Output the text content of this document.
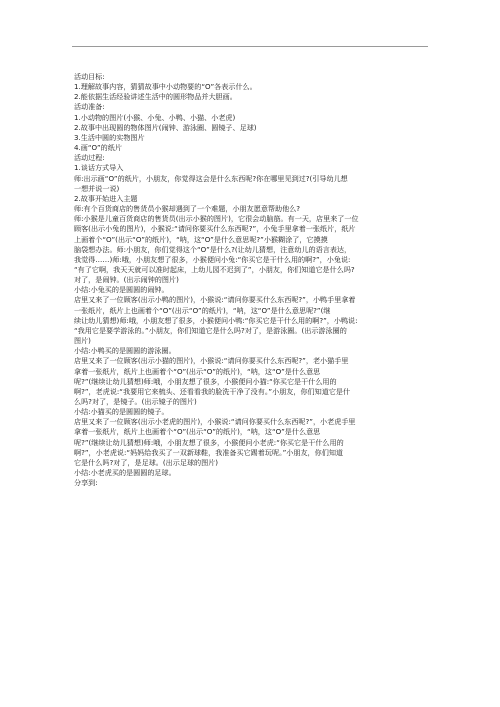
活动目标:
1.理解故事内容，猜猜故事中小动物要的“O”各表示什么。
2.能依据生活经验讲述生活中的圆形物品并大胆画。
活动准备:
1.小动物的图片(小猴、小兔、小鸭、小猫、小老虎)
2.故事中出现圆的物体图片(闹钟、游泳圈、圆镜子、足球)
3.生活中圆的实物图片
4.画“O”的纸片
活动过程:
1.谈话方式导入
师:出示画“O”的纸片，小朋友，你觉得这会是什么东西呢?你在哪里见到过?(引导幼儿想
一想并说一说)
2.故事开始进入主题
师:有个百货商店的售货员小猴却遇到了一个难题，小朋友愿意帮助他么?
师:小猴是儿童百货商店的售货员(出示小猴的图片)，它很会动脑筋。有一天，店里来了一位
顾客(出示小兔的图片)，小猴说:“请问你要买什么东西呢?”，小兔手里拿着一张纸片，纸片
上画着个“O”(出示“O”的纸片)，“呐，这“O”是什么意思呢?”小猴糊涂了，它摸摸
脑袋想办法。师:小朋友，你们觉得这个“O”是什么?(让幼儿猜想，注意幼儿的语言表达，
我觉得……)师:哦，小朋友想了很多，小猴便问小兔:“你买它是干什么用的啊?”，小兔说:
“有了它啊，我天天就可以准时起床，上幼儿园不迟到了”，小朋友，你们知道它是什么吗?
对了，是闹钟。(出示闹钟的图片)
小结:小兔买的是圆圆的闹钟。
店里又来了一位顾客(出示小鸭的图片)，小猴说:“请问你要买什么东西呢?”，小鸭手里拿着
一张纸片，纸片上也画着个“O”(出示“O”的纸片)，“呐，这“O”是什么意思呢?”(继
续让幼儿猜想)师:哦，小朋友想了很多，小猴便问小鸭:“你买它是干什么用的啊?”，小鸭说:
“我用它是要学游泳的。”小朋友，你们知道它是什么吗?对了，是游泳圈。(出示游泳圈的
图片)
小结:小鸭买的是圆圆的游泳圈。
店里又来了一位顾客(出示小猫的图片)，小猴说:“请问你要买什么东西呢?”，老小猫手里
拿着一张纸片，纸片上也画着个“O”(出示“O”的纸片)，“呐，这“O”是什么意思
呢?”(继续让幼儿猜想)师:哦，小朋友想了很多，小猴便问小猫:“你买它是干什么用的
啊?”，老虎说:“我要用它来梳头、还看看我的脸洗干净了没有。”小朋友，你们知道它是什
么吗?对了，是镜子。(出示镜子的图片)
小结:小猫买的是圆圆的镜子。
店里又来了一位顾客(出示小老虎的图片)，小猴说:“请问你要买什么东西呢?”，小老虎手里
拿着一张纸片，纸片上也画着个“O”(出示“O”的纸片)，“呐，这“O”是什么意思
呢?”(继续让幼儿猜想)师:哦，小朋友想了很多，小猴便问小老虎:“你买它是干什么用的
啊?”，小老虎说:“妈妈给我买了一双新球鞋，我准备买它踢着玩呢。”小朋友，你们知道
它是什么吗?对了，是足球。(出示足球的图片)
小结:小老虎买的是圆圆的足球。
分享到:
